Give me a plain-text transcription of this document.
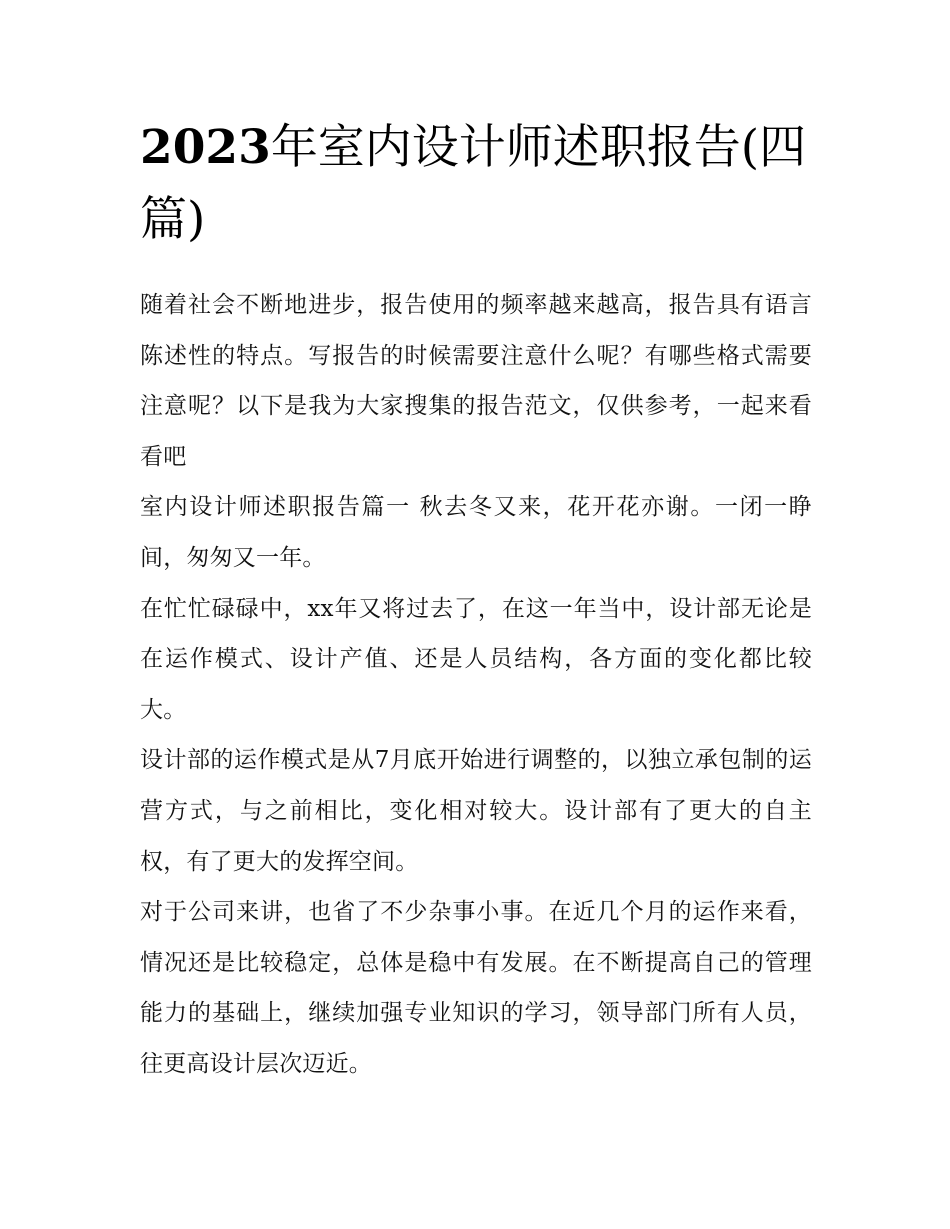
2023年室内设计师述职报告(四篇)

随着社会不断地进步，报告使用的频率越来越高，报告具有语言陈述性的特点。写报告的时候需要注意什么呢？有哪些格式需要注意呢？以下是我为大家搜集的报告范文，仅供参考，一起来看看吧

室内设计师述职报告篇一 秋去冬又来，花开花亦谢。一闭一睁间，匆匆又一年。

在忙忙碌碌中，xx年又将过去了，在这一年当中，设计部无论是在运作模式、设计产值、还是人员结构，各方面的变化都比较大。

设计部的运作模式是从7月底开始进行调整的，以独立承包制的运营方式，与之前相比，变化相对较大。设计部有了更大的自主权，有了更大的发挥空间。

对于公司来讲，也省了不少杂事小事。在近几个月的运作来看，情况还是比较稳定，总体是稳中有发展。在不断提高自己的管理能力的基础上，继续加强专业知识的学习，领导部门所有人员，往更高设计层次迈近。
